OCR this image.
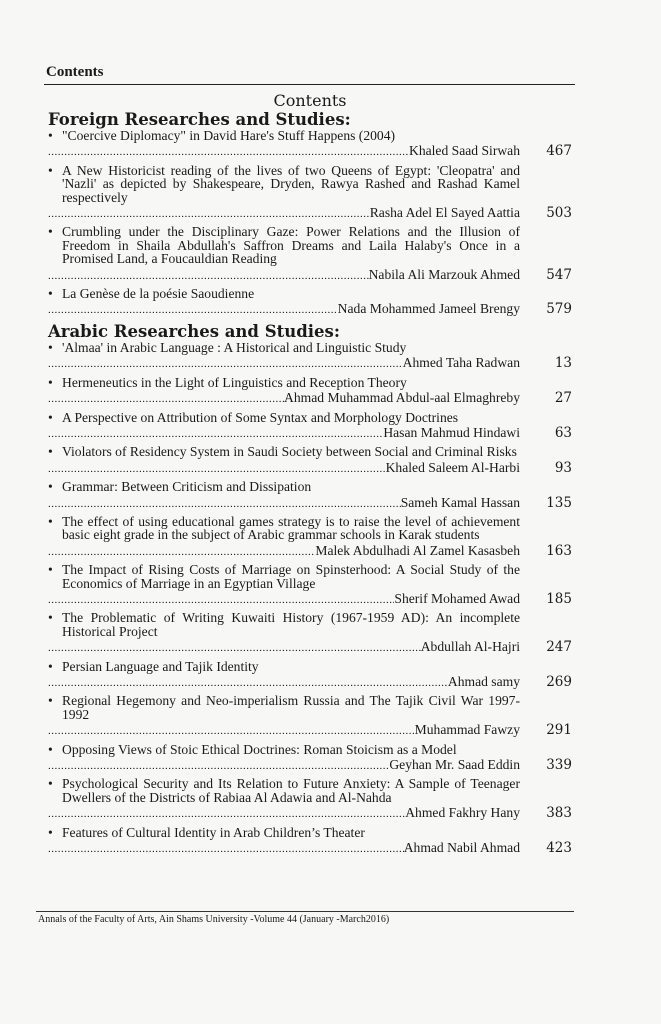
Contents
Contents
Foreign Researches and Studies:
• "Coercive Diplomacy" in David Hare's Stuff Happens (2004)
.....
Khaled Saad Sirwah	467
• A New Historicist reading of the lives of two Queens of Egypt: 'Cleopatra' and 'Nazli' as depicted by Shakespeare, Dryden, Rawya Rashed and Rashad Kamel respectively
.....
Rasha Adel El Sayed Aattia	503
• Crumbling under the Disciplinary Gaze: Power Relations and the Illusion of Freedom in Shaila Abdullah's Saffron Dreams and Laila Halaby's Once in a Promised Land, a Foucauldian Reading
.....
Nabila Ali Marzouk Ahmed	547
• La Genèse de la poésie Saoudienne
.....
Nada Mohammed Jameel Brengy	579
Arabic Researches and Studies:
• 'Almaa' in Arabic Language : A Historical and Linguistic Study
.....
Ahmed Taha Radwan	13
• Hermeneutics in the Light of Linguistics and Reception Theory
.....
Ahmad Muhammad Abdul-aal Elmaghreby	27
• A Perspective on Attribution of Some Syntax and Morphology Doctrines
.....
Hasan Mahmud Hindawi	63
• Violators of Residency System in Saudi Society between Social and Criminal Risks
.....
Khaled Saleem Al-Harbi	93
• Grammar: Between Criticism and Dissipation
.....
Sameh Kamal Hassan	135
• The effect of using educational games strategy is to raise the level of achievement basic eight grade in the subject of Arabic grammar schools in Karak students
.....
Malek Abdulhadi Al Zamel Kasasbeh	163
• The Impact of Rising Costs of Marriage on Spinsterhood: A Social Study of the Economics of Marriage in an Egyptian Village
.....
Sherif Mohamed Awad	185
• The Problematic of Writing Kuwaiti History (1967-1959 AD): An incomplete Historical Project
.....
Abdullah Al-Hajri	247
• Persian Language and Tajik Identity
.....
Ahmad samy	269
• Regional Hegemony and Neo-imperialism Russia and The Tajik Civil War 1997- 1992
.....
Muhammad Fawzy	291
• Opposing Views of Stoic Ethical Doctrines: Roman Stoicism as a Model
.....
Geyhan Mr. Saad Eddin	339
• Psychological Security and Its Relation to Future Anxiety: A Sample of Teenager Dwellers of the Districts of Rabiaa Al Adawia and Al-Nahda
.....
Ahmed Fakhry Hany	383
• Features of Cultural Identity in Arab Children’s Theater
.....
Ahmad Nabil Ahmad	423
Annals of the Faculty of Arts, Ain Shams University -Volume 44 (January -March2016)
